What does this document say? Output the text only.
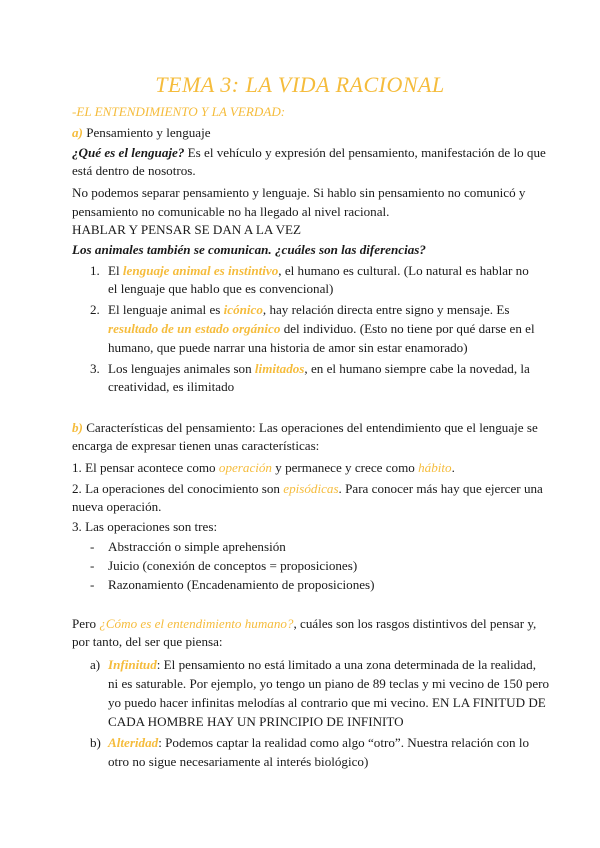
TEMA 3: LA VIDA RACIONAL
-EL ENTENDIMIENTO Y LA VERDAD:
a) Pensamiento y lenguaje
¿Qué es el lenguaje? Es el vehículo y expresión del pensamiento, manifestación de lo que
está dentro de nosotros.
No podemos separar pensamiento y lenguaje. Si hablo sin pensamiento no comunicó y
pensamiento no comunicable no ha llegado al nivel racional.
HABLAR Y PENSAR SE DAN A LA VEZ
Los animales también se comunican. ¿cuáles son las diferencias?
1. El lenguaje animal es instintivo, el humano es cultural. (Lo natural es hablar no
el lenguaje que hablo que es convencional)
2. El lenguaje animal es icónico, hay relación directa entre signo y mensaje. Es
resultado de un estado orgánico del individuo. (Esto no tiene por qué darse en el
humano, que puede narrar una historia de amor sin estar enamorado)
3. Los lenguajes animales son limitados, en el humano siempre cabe la novedad, la
creatividad, es ilimitado
b) Características del pensamiento: Las operaciones del entendimiento que el lenguaje se
encarga de expresar tienen unas características:
1. El pensar acontece como operación y permanece y crece como hábito.
2. La operaciones del conocimiento son episódicas. Para conocer más hay que ejercer una
nueva operación.
3. Las operaciones son tres:
- Abstracción o simple aprehensión
- Juicio (conexión de conceptos = proposiciones)
- Razonamiento (Encadenamiento de proposiciones)
Pero ¿Cómo es el entendimiento humano?, cuáles son los rasgos distintivos del pensar y,
por tanto, del ser que piensa:
a) Infinitud: El pensamiento no está limitado a una zona determinada de la realidad,
ni es saturable. Por ejemplo, yo tengo un piano de 89 teclas y mi vecino de 150 pero
yo puedo hacer infinitas melodías al contrario que mi vecino. EN LA FINITUD DE
CADA HOMBRE HAY UN PRINCIPIO DE INFINITO
b) Alteridad: Podemos captar la realidad como algo “otro”. Nuestra relación con lo
otro no sigue necesariamente al interés biológico)
